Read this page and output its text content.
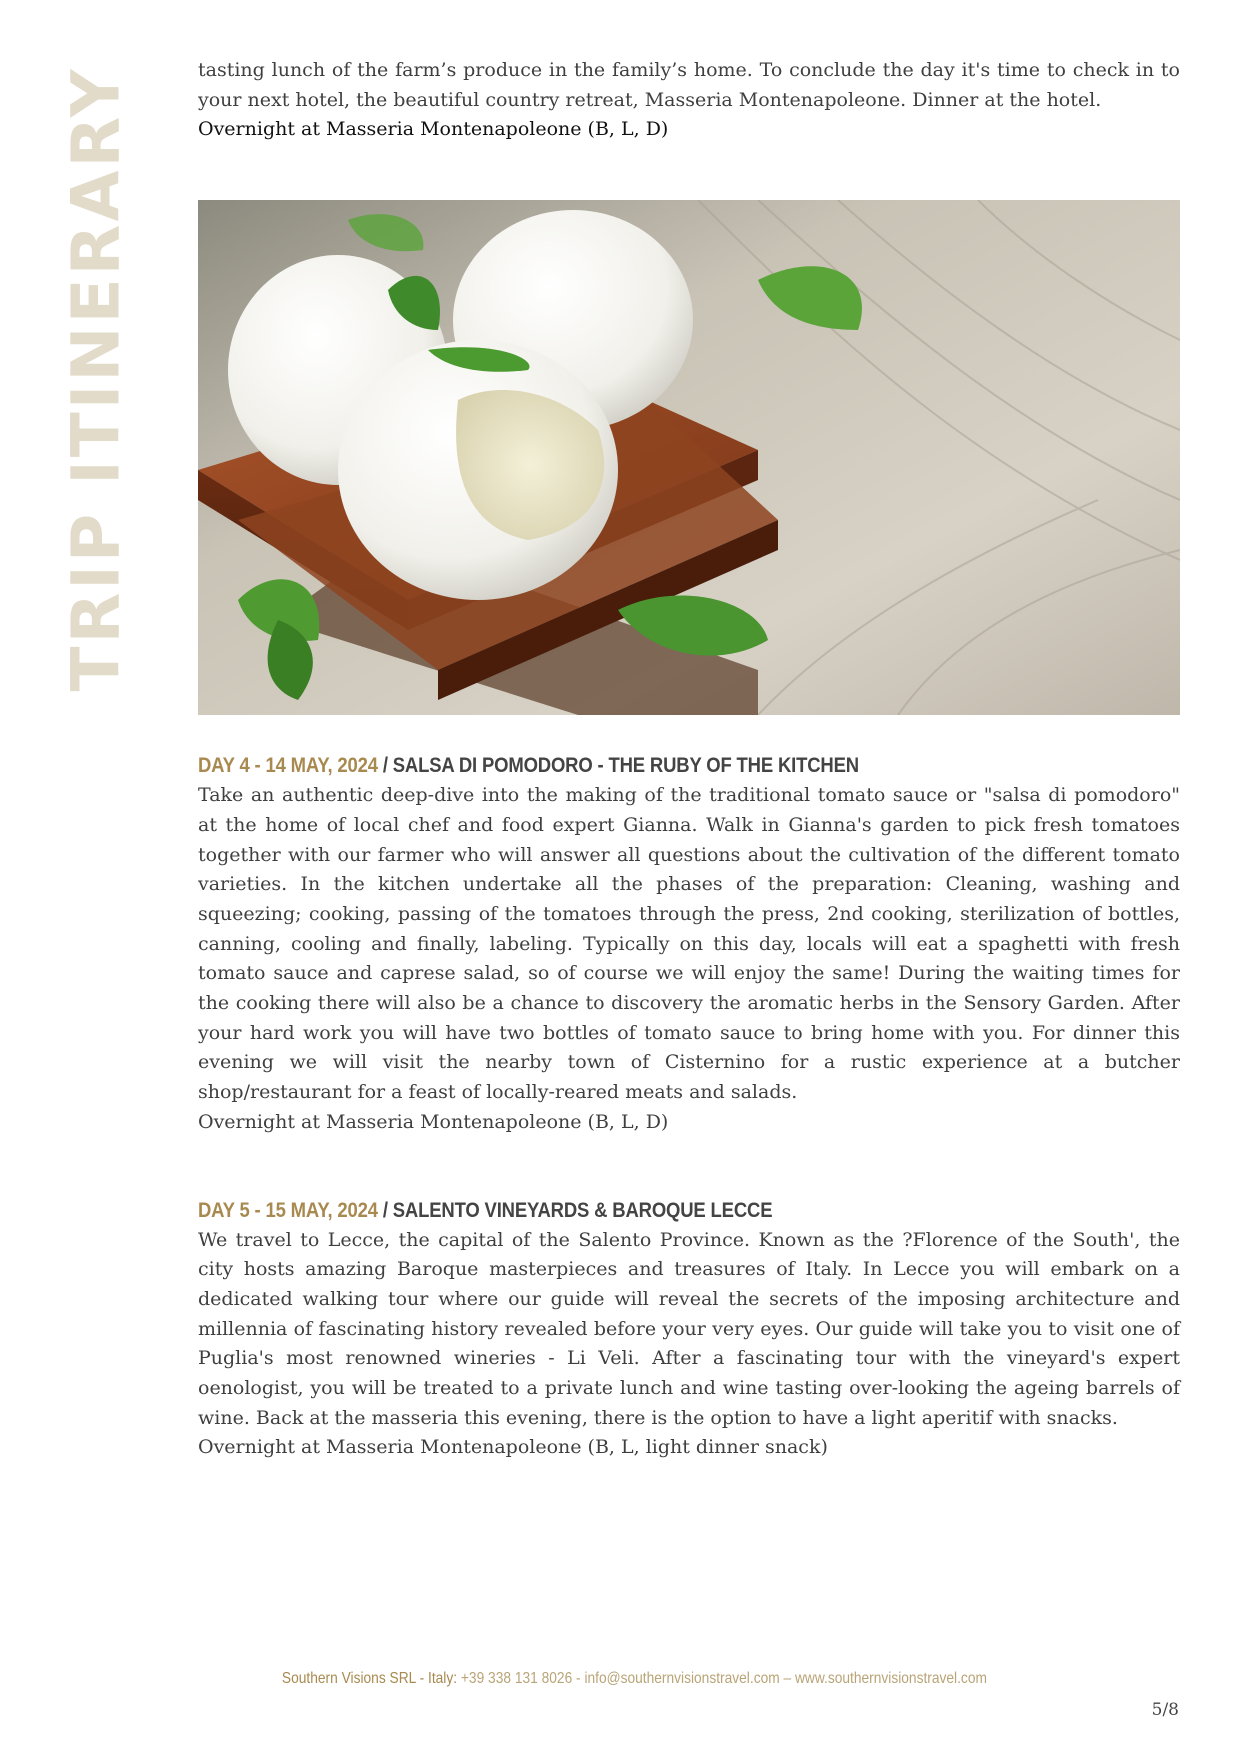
TRIP ITINERARY	tasting lunch of the farm’s produce in the family’s home. To conclude the day it's time to check in to your next hotel, the beautiful country retreat, Masseria Montenapoleone. Dinner at the hotel.

Overnight at Masseria Montenapoleone (B, L, D)

DAY 4 - 14 MAY, 2024 / SALSA DI POMODORO - THE RUBY OF THE KITCHEN

Take an authentic deep-dive into the making of the traditional tomato sauce or "salsa di pomodoro" at the home of local chef and food expert Gianna. Walk in Gianna's garden to pick fresh tomatoes together with our farmer who will answer all questions about the cultivation of the different tomato varieties. In the kitchen undertake all the phases of the preparation: Cleaning, washing and squeezing; cooking, passing of the tomatoes through the press, 2nd cooking, sterilization of bottles, canning, cooling and finally, labeling. Typically on this day, locals will eat a spaghetti with fresh tomato sauce and caprese salad, so of course we will enjoy the same! During the waiting times for the cooking there will also be a chance to discovery the aromatic herbs in the Sensory Garden. After your hard work you will have two bottles of tomato sauce to bring home with you. For dinner this evening we will visit the nearby town of Cisternino for a rustic experience at a butcher shop/restaurant for a feast of locally-reared meats and salads.

Overnight at Masseria Montenapoleone (B, L, D)

DAY 5 - 15 MAY, 2024 / SALENTO VINEYARDS & BAROQUE LECCE

We travel to Lecce, the capital of the Salento Province. Known as the ?Florence of the South', the city hosts amazing Baroque masterpieces and treasures of Italy. In Lecce you will embark on a dedicated walking tour where our guide will reveal the secrets of the imposing architecture and millennia of fascinating history revealed before your very eyes. Our guide will take you to visit one of Puglia's most renowned wineries - Li Veli. After a fascinating tour with the vineyard's expert oenologist, you will be treated to a private lunch and wine tasting over-looking the ageing barrels of wine. Back at the masseria this evening, there is the option to have a light aperitif with snacks.

Overnight at Masseria Montenapoleone (B, L, light dinner snack)

Southern Visions SRL - Italy: +39 338 131 8026 - info@southernvisionstravel.com – www.southernvisionstravel.com
5/8
